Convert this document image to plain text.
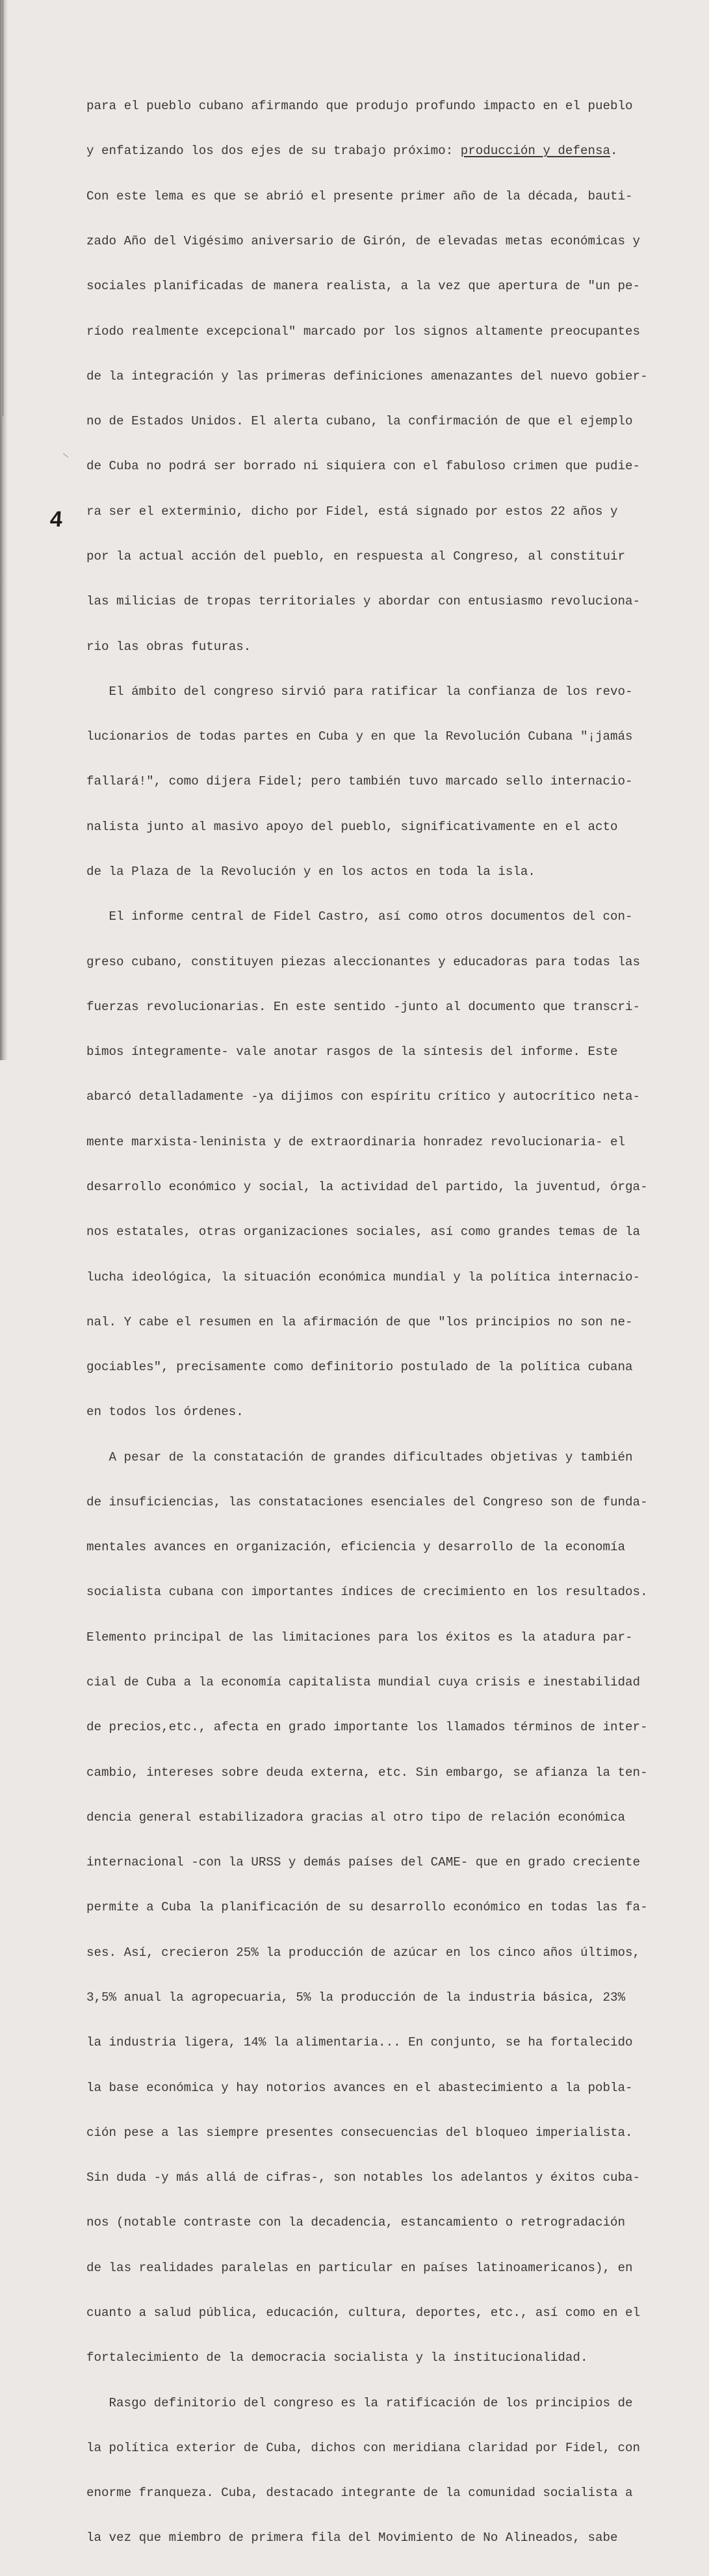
4

para el pueblo cubano afirmando que produjo profundo impacto en el pueblo

y enfatizando los dos ejes de su trabajo próximo: producción y defensa.

Con este lema es que se abrió el presente primer año de la década, bauti-

zado Año del Vigésimo aniversario de Girón, de elevadas metas económicas y

sociales planificadas de manera realista, a la vez que apertura de "un pe-

ríodo realmente excepcional" marcado por los signos altamente preocupantes

de la integración y las primeras definiciones amenazantes del nuevo gobier-

no de Estados Unidos. El alerta cubano, la confirmación de que el ejemplo

de Cuba no podrá ser borrado ni siquiera con el fabuloso crimen que pudie-

ra ser el exterminio, dicho por Fidel, está signado por estos 22 años y

por la actual acción del pueblo, en respuesta al Congreso, al constituir

las milicias de tropas territoriales y abordar con entusiasmo revoluciona-

rio las obras futuras.

El ámbito del congreso sirvió para ratificar la confianza de los revo-

lucionarios de todas partes en Cuba y en que la Revolución Cubana "¡jamás

fallará!", como dijera Fidel; pero también tuvo marcado sello internacio-

nalista junto al masivo apoyo del pueblo, significativamente en el acto

de la Plaza de la Revolución y en los actos en toda la isla.

El informe central de Fidel Castro, así como otros documentos del con-

greso cubano, constituyen piezas aleccionantes y educadoras para todas las

fuerzas revolucionarias. En este sentido -junto al documento que transcri-

bimos íntegramente- vale anotar rasgos de la síntesis del informe. Este

abarcó detalladamente -ya dijimos con espíritu crítico y autocrítico neta-

mente marxista-leninista y de extraordinaria honradez revolucionaria- el

desarrollo económico y social, la actividad del partido, la juventud, órga-

nos estatales, otras organizaciones sociales, así como grandes temas de la

lucha ideológica, la situación económica mundial y la política internacio-

nal. Y cabe el resumen en la afirmación de que "los principios no son ne-

gociables", precisamente como definitorio postulado de la política cubana

en todos los órdenes.

A pesar de la constatación de grandes dificultades objetivas y también

de insuficiencias, las constataciones esenciales del Congreso son de funda-

mentales avances en organización, eficiencia y desarrollo de la economía

socialista cubana con importantes índices de crecimiento en los resultados.

Elemento principal de las limitaciones para los éxitos es la atadura par-

cial de Cuba a la economía capitalista mundial cuya crisis e inestabilidad

de precios,etc., afecta en grado importante los llamados términos de inter-

cambio, intereses sobre deuda externa, etc. Sin embargo, se afianza la ten-

dencia general estabilizadora gracias al otro tipo de relación económica

internacional -con la URSS y demás países del CAME- que en grado creciente

permite a Cuba la planificación de su desarrollo económico en todas las fa-

ses. Así, crecieron 25% la producción de azúcar en los cinco años últimos,

3,5% anual la agropecuaria, 5% la producción de la industria básica, 23%

la industria ligera, 14% la alimentaria... En conjunto, se ha fortalecido

la base económica y hay notorios avances en el abastecimiento a la pobla-

ción pese a las siempre presentes consecuencias del bloqueo imperialista.

Sin duda -y más allá de cifras-, son notables los adelantos y éxitos cuba-

nos (notable contraste con la decadencia, estancamiento o retrogradación

de las realidades paralelas en particular en países latinoamericanos), en

cuanto a salud pública, educación, cultura, deportes, etc., así como en el

fortalecimiento de la democracia socialista y la institucionalidad.

Rasgo definitorio del congreso es la ratificación de los principios de

la política exterior de Cuba, dichos con meridiana claridad por Fidel, con

enorme franqueza. Cuba, destacado integrante de la comunidad socialista a

la vez que miembro de primera fila del Movimiento de No Alineados, sabe
